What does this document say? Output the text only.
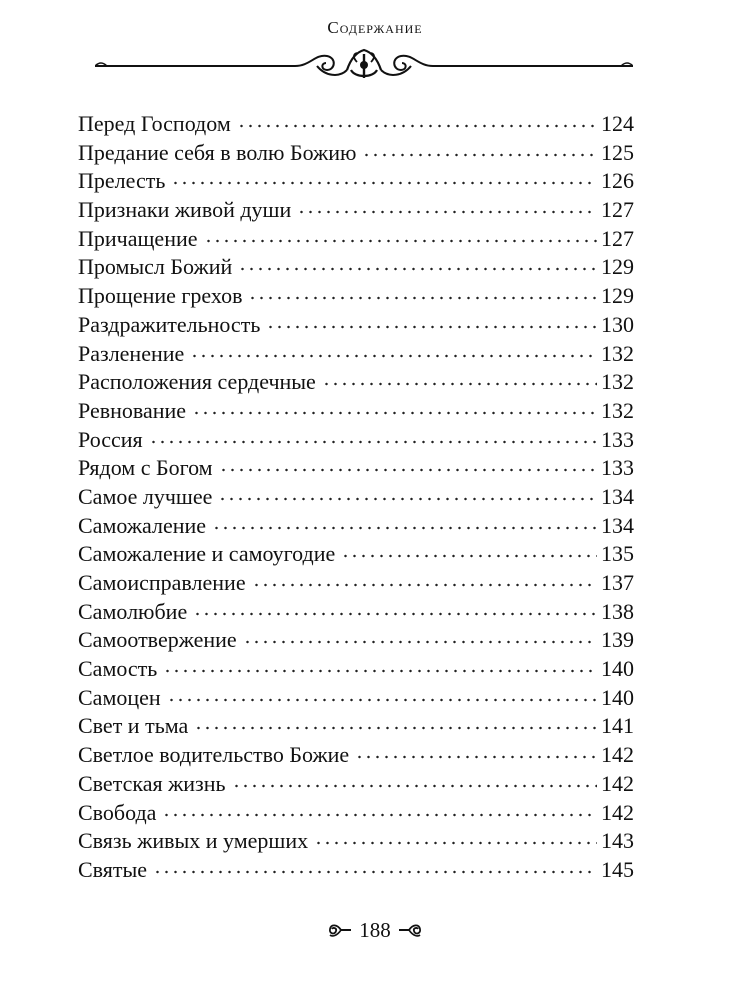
Содержание
Перед Господом	124
Предание себя в волю Божию	125
Прелесть	126
Признаки живой души	127
Причащение	127
Промысл Божий	129
Прощение грехов	129
Раздражительность	130
Разленение	132
Расположения сердечные	132
Ревнование	132
Россия	133
Рядом с Богом	133
Самое лучшее	134
Саможаление	134
Саможаление и самоугодие	135
Самоисправление	137
Самолюбие	138
Самоотвержение	139
Самость	140
Самоцен	140
Свет и тьма	141
Светлое водительство Божие	142
Светская жизнь	142
Свобода	142
Связь живых и умерших	143
Святые	145
188
